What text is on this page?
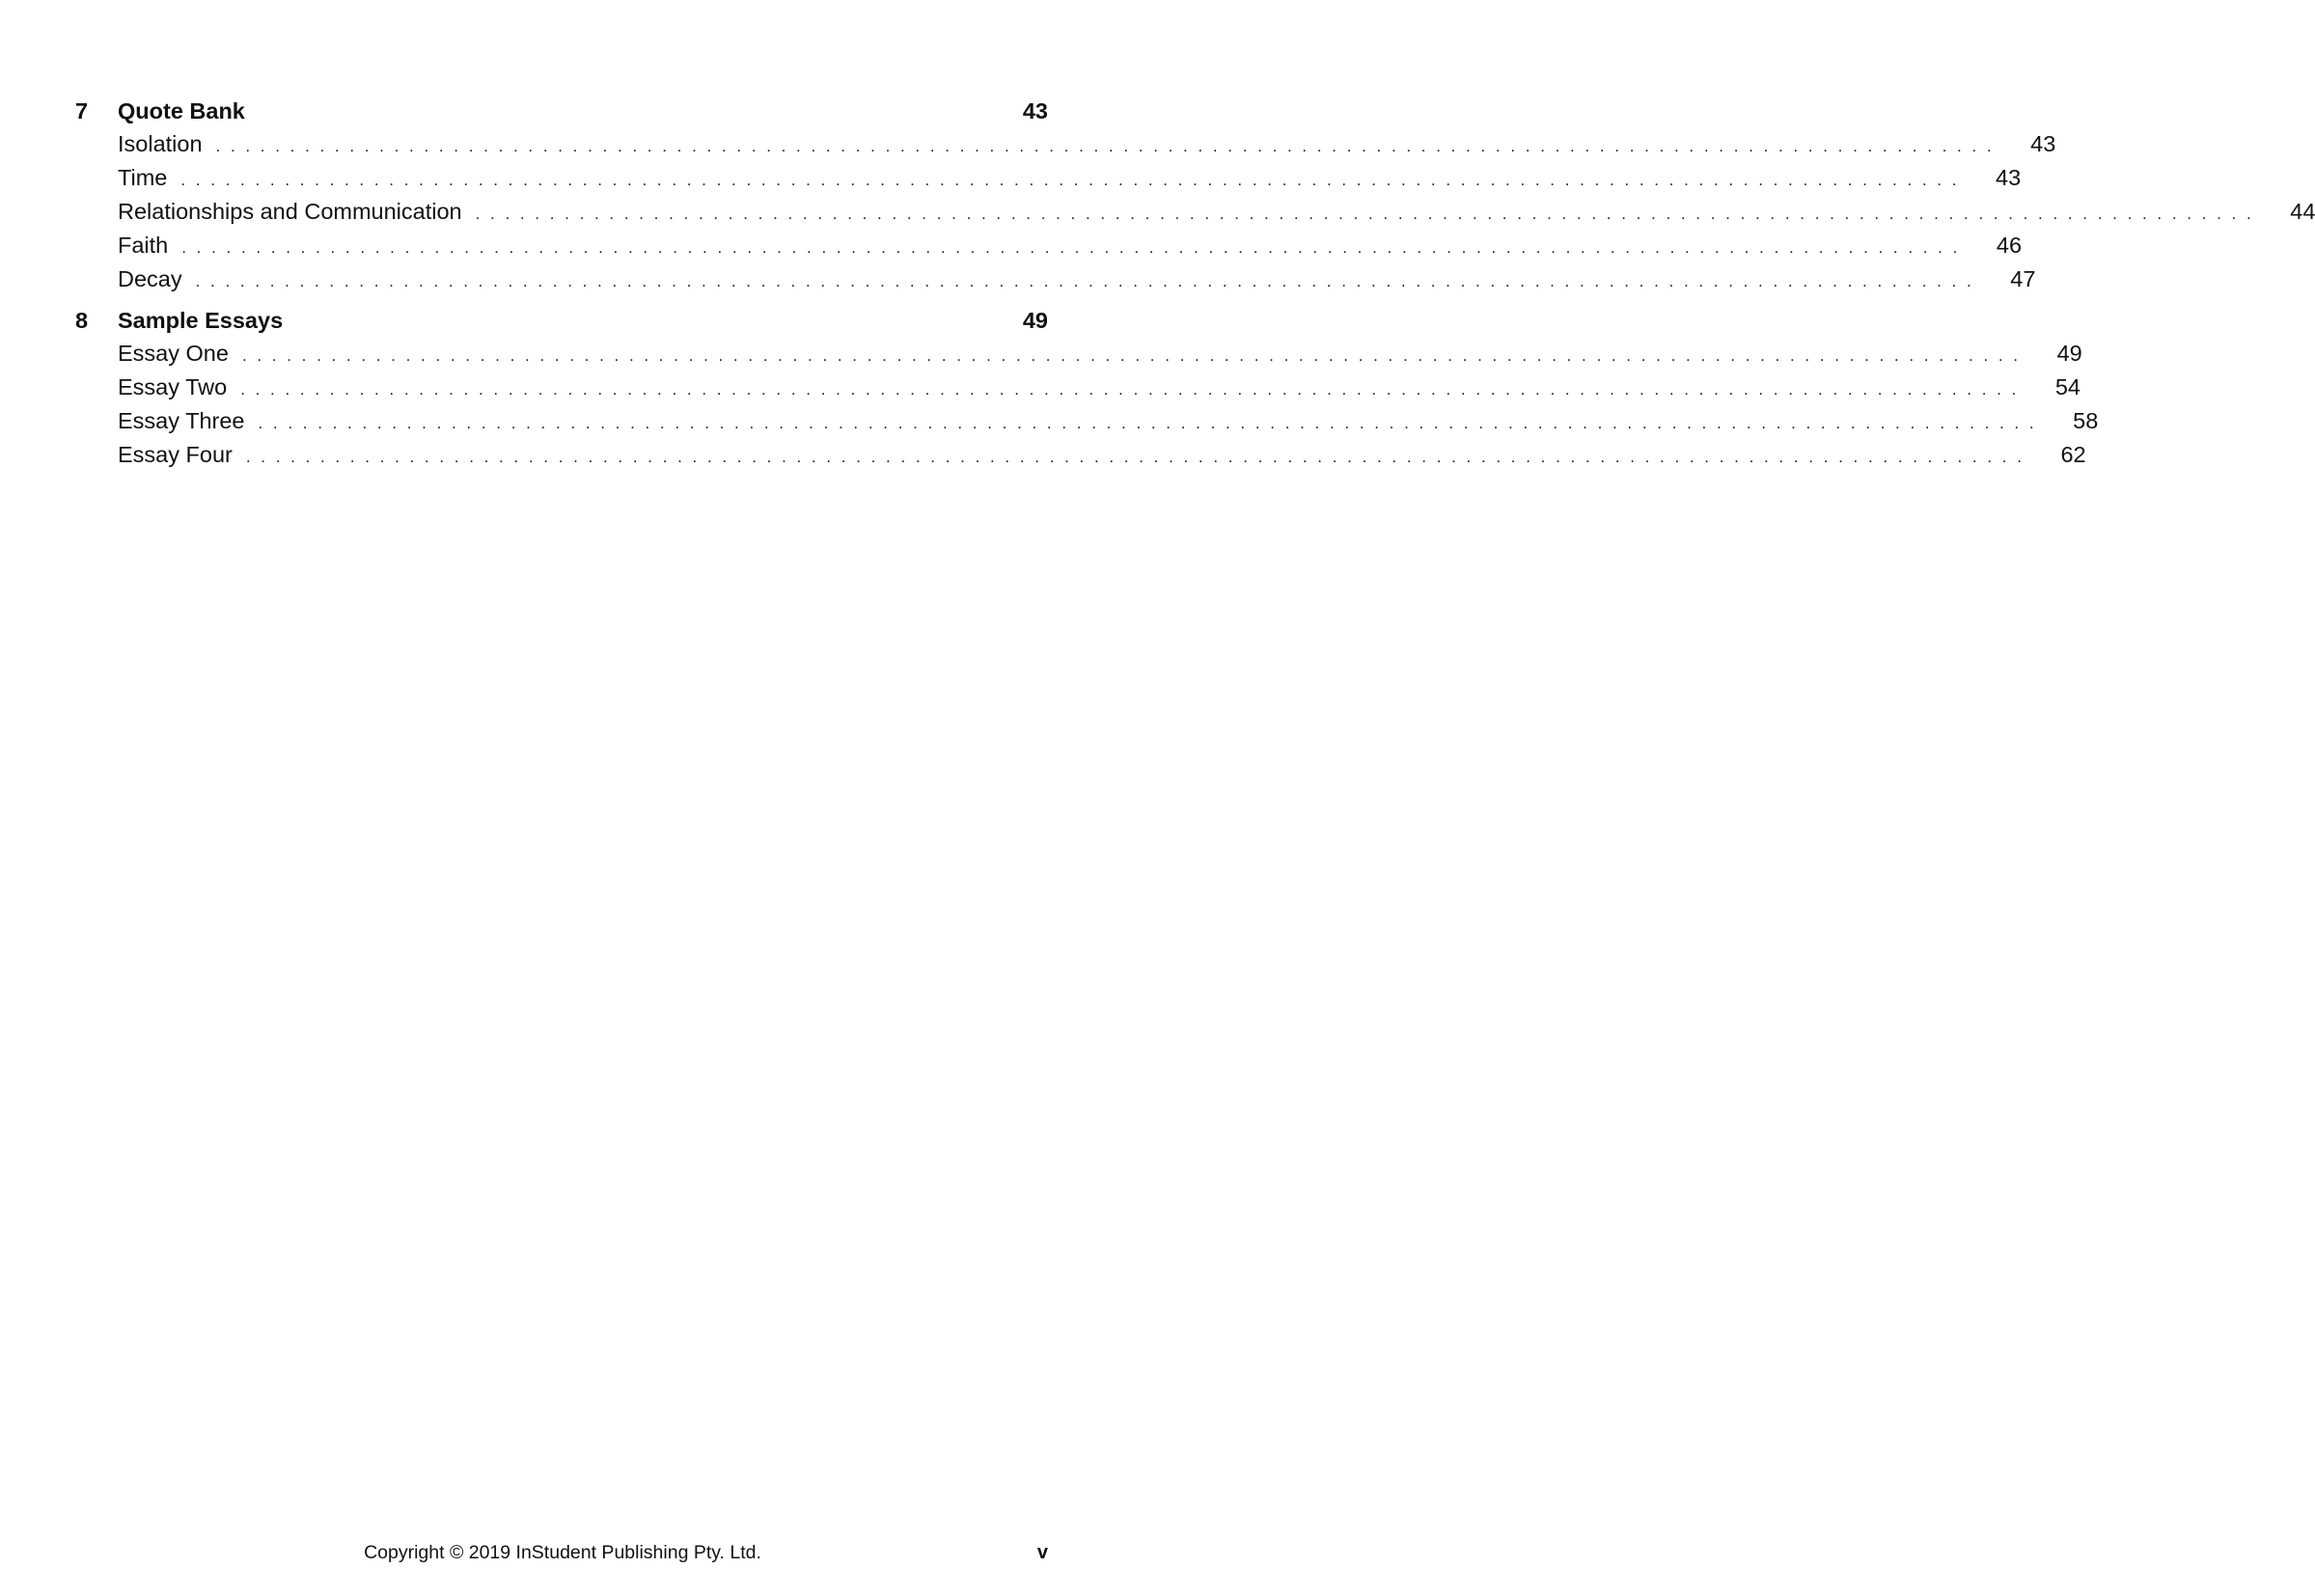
7	Quote Bank	43
Isolation ........................................................................................................................ 43
Time ........................................................................................................................ 43
Relationships and Communication ........................................................................................................................ 44
Faith ........................................................................................................................ 46
Decay ........................................................................................................................ 47
8	Sample Essays	49
Essay One ........................................................................................................................ 49
Essay Two ........................................................................................................................ 54
Essay Three ........................................................................................................................ 58
Essay Four ........................................................................................................................ 62
Copyright © 2019 InStudent Publishing Pty. Ltd.	v
